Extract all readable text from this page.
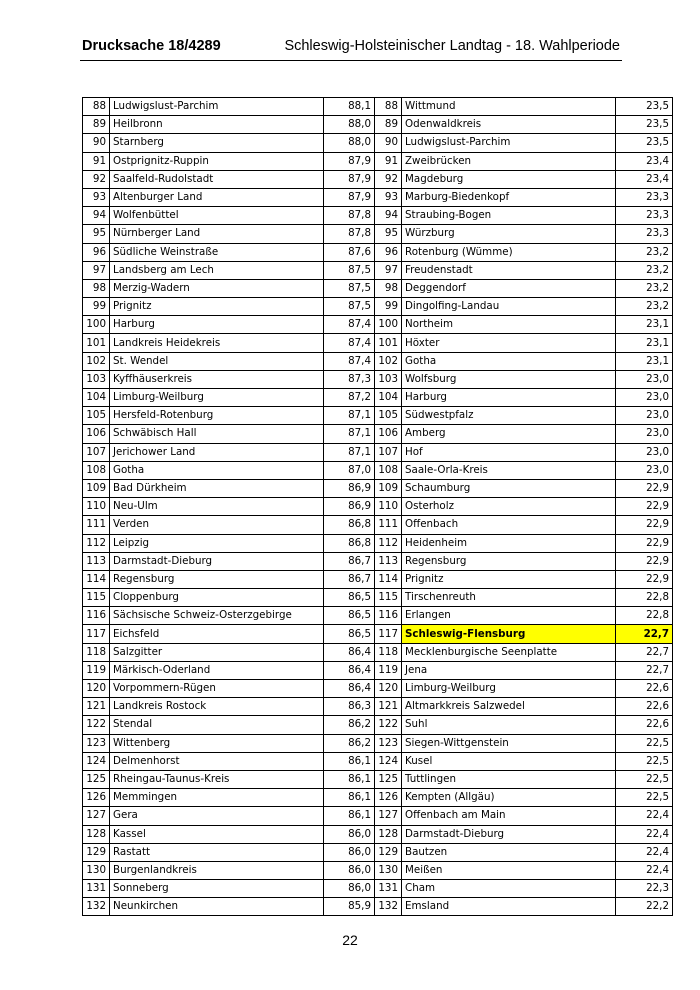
Drucksache 18/4289	Schleswig-Holsteinischer Landtag - 18. Wahlperiode
88	Ludwigslust-Parchim	88,1	88	Wittmund	23,5
89	Heilbronn	88,0	89	Odenwaldkreis	23,5
90	Starnberg	88,0	90	Ludwigslust-Parchim	23,5
91	Ostprignitz-Ruppin	87,9	91	Zweibrücken	23,4
92	Saalfeld-Rudolstadt	87,9	92	Magdeburg	23,4
93	Altenburger Land	87,9	93	Marburg-Biedenkopf	23,3
94	Wolfenbüttel	87,8	94	Straubing-Bogen	23,3
95	Nürnberger Land	87,8	95	Würzburg	23,3
96	Südliche Weinstraße	87,6	96	Rotenburg (Wümme)	23,2
97	Landsberg am Lech	87,5	97	Freudenstadt	23,2
98	Merzig-Wadern	87,5	98	Deggendorf	23,2
99	Prignitz	87,5	99	Dingolfing-Landau	23,2
100	Harburg	87,4	100	Northeim	23,1
101	Landkreis Heidekreis	87,4	101	Höxter	23,1
102	St. Wendel	87,4	102	Gotha	23,1
103	Kyffhäuserkreis	87,3	103	Wolfsburg	23,0
104	Limburg-Weilburg	87,2	104	Harburg	23,0
105	Hersfeld-Rotenburg	87,1	105	Südwestpfalz	23,0
106	Schwäbisch Hall	87,1	106	Amberg	23,0
107	Jerichower Land	87,1	107	Hof	23,0
108	Gotha	87,0	108	Saale-Orla-Kreis	23,0
109	Bad Dürkheim	86,9	109	Schaumburg	22,9
110	Neu-Ulm	86,9	110	Osterholz	22,9
111	Verden	86,8	111	Offenbach	22,9
112	Leipzig	86,8	112	Heidenheim	22,9
113	Darmstadt-Dieburg	86,7	113	Regensburg	22,9
114	Regensburg	86,7	114	Prignitz	22,9
115	Cloppenburg	86,5	115	Tirschenreuth	22,8
116	Sächsische Schweiz-Osterzgebirge	86,5	116	Erlangen	22,8
117	Eichsfeld	86,5	117	Schleswig-Flensburg	22,7
118	Salzgitter	86,4	118	Mecklenburgische Seenplatte	22,7
119	Märkisch-Oderland	86,4	119	Jena	22,7
120	Vorpommern-Rügen	86,4	120	Limburg-Weilburg	22,6
121	Landkreis Rostock	86,3	121	Altmarkkreis Salzwedel	22,6
122	Stendal	86,2	122	Suhl	22,6
123	Wittenberg	86,2	123	Siegen-Wittgenstein	22,5
124	Delmenhorst	86,1	124	Kusel	22,5
125	Rheingau-Taunus-Kreis	86,1	125	Tuttlingen	22,5
126	Memmingen	86,1	126	Kempten (Allgäu)	22,5
127	Gera	86,1	127	Offenbach am Main	22,4
128	Kassel	86,0	128	Darmstadt-Dieburg	22,4
129	Rastatt	86,0	129	Bautzen	22,4
130	Burgenlandkreis	86,0	130	Meißen	22,4
131	Sonneberg	86,0	131	Cham	22,3
132	Neunkirchen	85,9	132	Emsland	22,2
22
